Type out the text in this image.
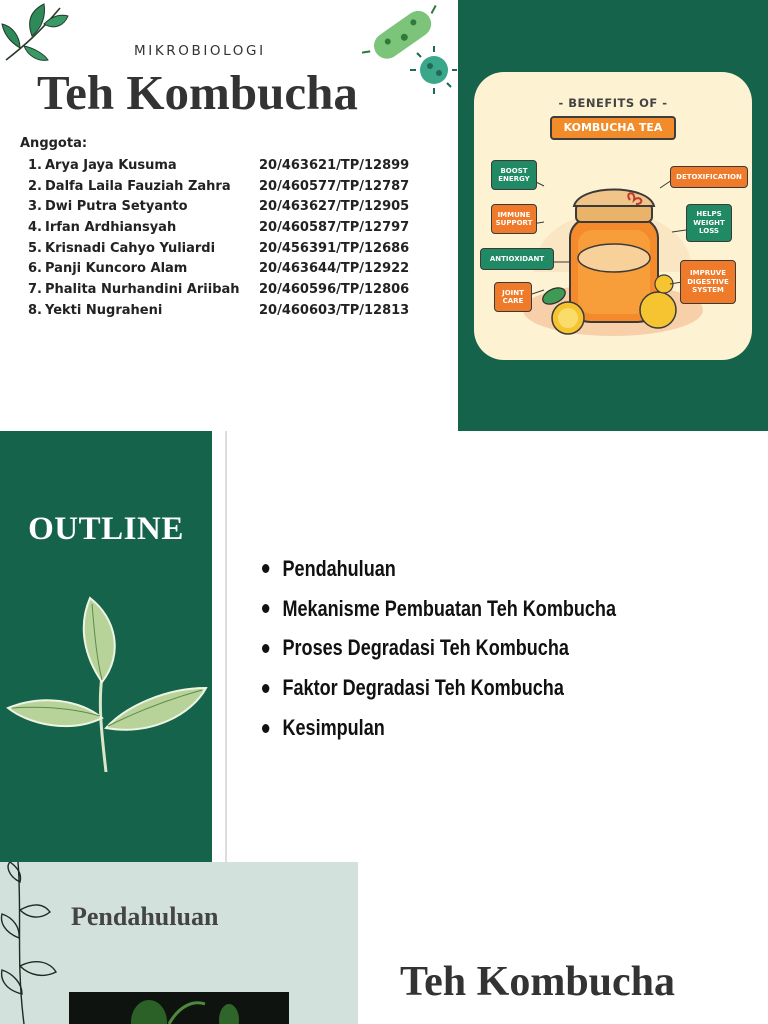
MIKROBIOLOGI
Teh Kombucha
Anggota:
1. Arya Jaya Kusuma	20/463621/TP/12899
2. Dalfa Laila Fauziah Zahra	20/460577/TP/12787
3. Dwi Putra Setyanto	20/463627/TP/12905
4. Irfan Ardhiansyah	20/460587/TP/12797
5. Krisnadi Cahyo Yuliardi	20/456391/TP/12686
6. Panji Kuncoro Alam	20/463644/TP/12922
7. Phalita Nurhandini Ariibah	20/460596/TP/12806
8. Yekti Nugraheni	20/460603/TP/12813
- BENEFITS OF -
KOMBUCHA TEA
BOOST ENERGY
IMMUNE SUPPORT
ANTIOXIDANT
JOINT CARE
DETOXIFICATION
HELPS WEIGHT LOSS
IMPRUVE DIGESTIVE SYSTEM
OUTLINE
Pendahuluan
Mekanisme Pembuatan Teh Kombucha
Proses Degradasi Teh Kombucha
Faktor Degradasi Teh Kombucha
Kesimpulan
Pendahuluan
Teh Kombucha
